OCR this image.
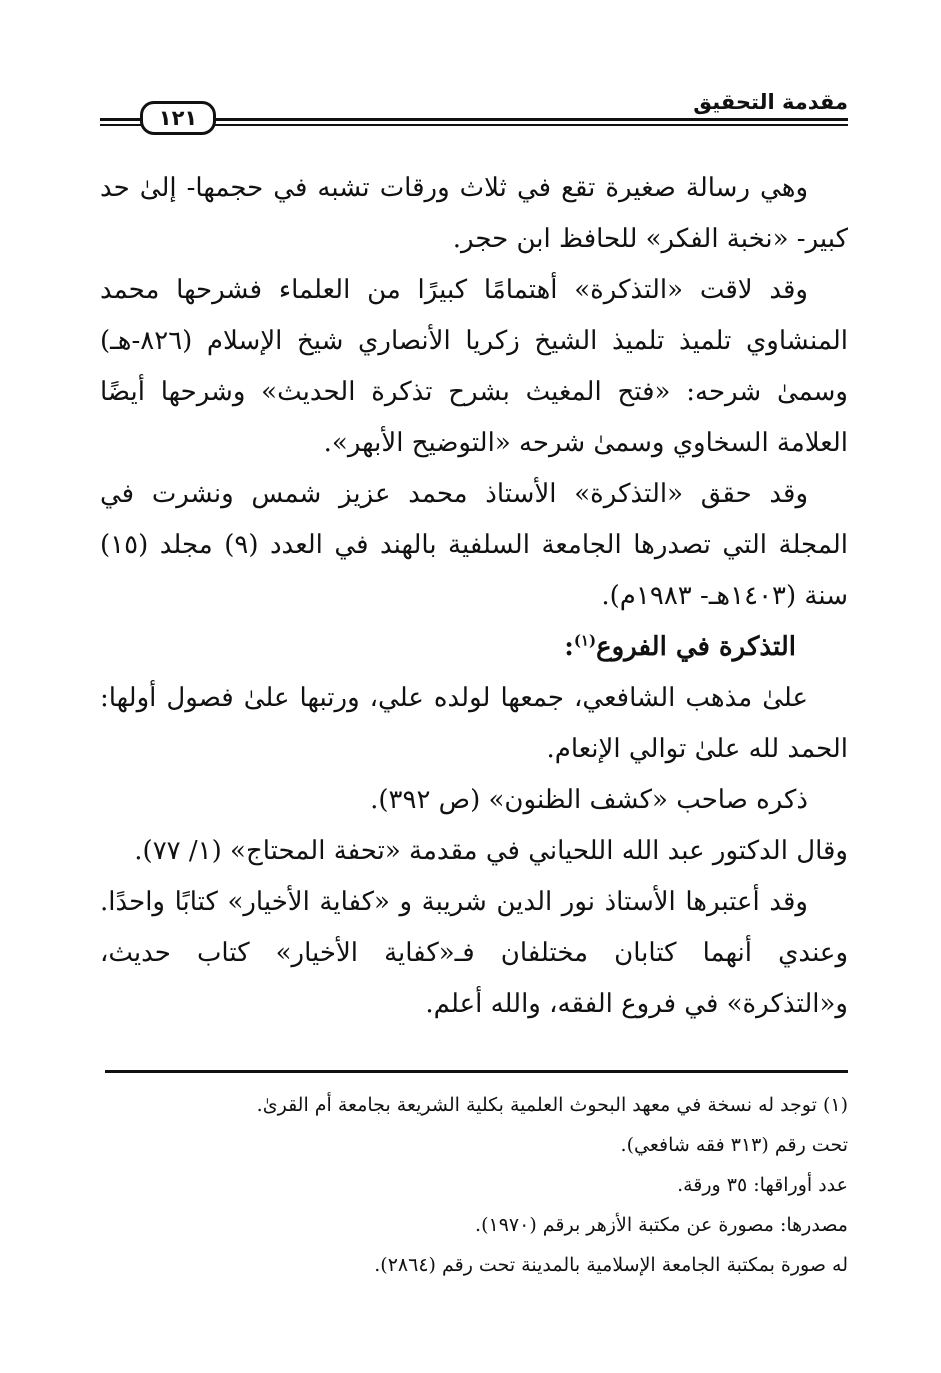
مقدمة التحقيق
١٢١

وهي رسالة صغيرة تقع في ثلاث ورقات تشبه في حجمها- إلىٰ حد كبير- «نخبة الفكر» للحافظ ابن حجر.

وقد لاقت «التذكرة» أهتمامًا كبيرًا من العلماء فشرحها محمد المنشاوي تلميذ تلميذ الشيخ زكريا الأنصاري شيخ الإسلام (٨٢٦-هـ) وسمىٰ شرحه: «فتح المغيث بشرح تذكرة الحديث» وشرحها أيضًا العلامة السخاوي وسمىٰ شرحه «التوضيح الأبهر».

وقد حقق «التذكرة» الأستاذ محمد عزيز شمس ونشرت في المجلة التي تصدرها الجامعة السلفية بالهند في العدد (٩) مجلد (١٥) سنة (١٤٠٣هـ- ١٩٨٣م).

التذكرة في الفروع$^{(١)}$:

علىٰ مذهب الشافعي، جمعها لولده علي، ورتبها علىٰ فصول أولها: الحمد لله علىٰ توالي الإنعام.

ذكره صاحب «كشف الظنون» (ص ٣٩٢).

وقال الدكتور عبد الله اللحياني في مقدمة «تحفة المحتاج» (١/ ٧٧).

وقد أعتبرها الأستاذ نور الدين شريبة و «كفاية الأخيار» كتابًا واحدًا. وعندي أنهما كتابان مختلفان فـ«كفاية الأخيار» كتاب حديث، و«التذكرة» في فروع الفقه، والله أعلم.

(١) توجد له نسخة في معهد البحوث العلمية بكلية الشريعة بجامعة أم القرىٰ.

تحت رقم (٣١٣ فقه شافعي).

عدد أوراقها: ٣٥ ورقة.

مصدرها: مصورة عن مكتبة الأزهر برقم (١٩٧٠).

له صورة بمكتبة الجامعة الإسلامية بالمدينة تحت رقم (٢٨٦٤).
